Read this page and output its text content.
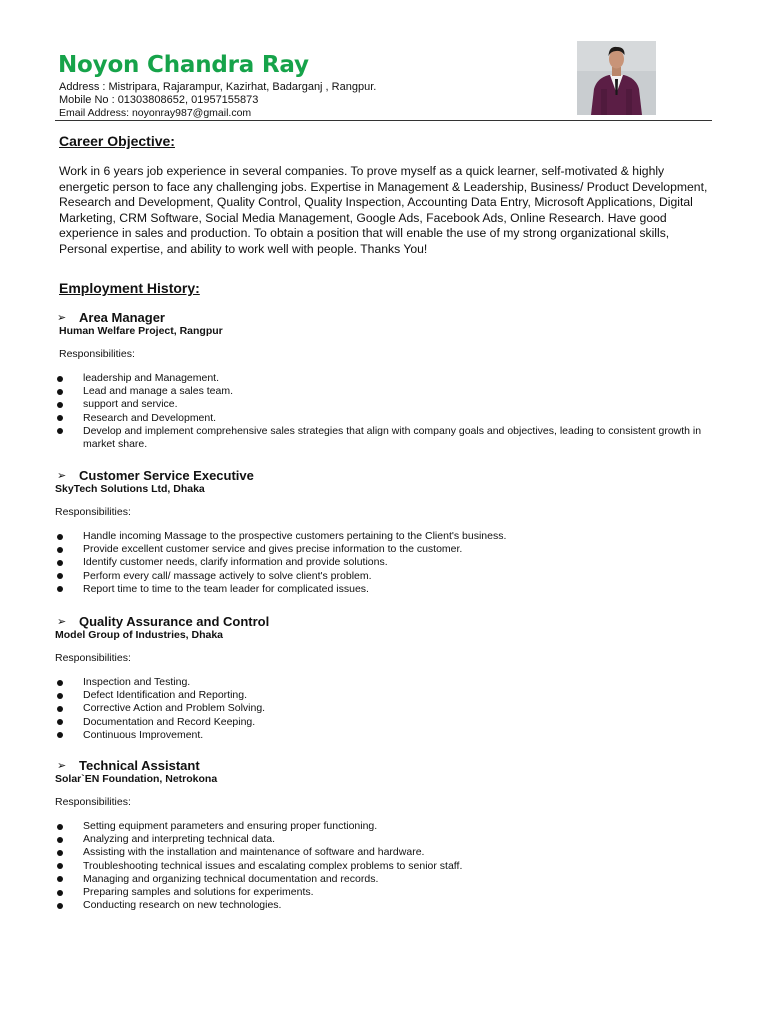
Noyon Chandra Ray
Address : Mistripara, Rajarampur, Kazirhat, Badarganj , Rangpur.
Mobile No : 01303808652, 01957155873
Email Address: noyonray987@gmail.com
Career Objective:

Work in 6 years job experience in several companies. To prove myself as a quick learner, self-motivated & highly energetic person to face any challenging jobs. Expertise in Management & Leadership, Business/ Product Development, Research and Development, Quality Control, Quality Inspection, Accounting Data Entry, Microsoft Applications, Digital Marketing, CRM Software, Social Media Management, Google Ads, Facebook Ads, Online Research. Have good experience in sales and production. To obtain a position that will enable the use of my strong organizational skills, Personal expertise, and ability to work well with people. Thanks You!

Employment History:

➢ Area Manager

Human Welfare Project, Rangpur

Responsibilities:

leadership and Management.
Lead and manage a sales team.
support and service.
Research and Development.
Develop and implement comprehensive sales strategies that align with company goals and objectives, leading to consistent growth in market share.

➢ Customer Service Executive

SkyTech Solutions Ltd, Dhaka

Responsibilities:

Handle incoming Massage to the prospective customers pertaining to the Client's business.
Provide excellent customer service and gives precise information to the customer.
Identify customer needs, clarify information and provide solutions.
Perform every call/ massage actively to solve client's problem.
Report time to time to the team leader for complicated issues.

➢ Quality Assurance and Control

Model Group of Industries, Dhaka

Responsibilities:

Inspection and Testing.
Defect Identification and Reporting.
Corrective Action and Problem Solving.
Documentation and Record Keeping.
Continuous Improvement.

➢ Technical Assistant

Solar`EN Foundation, Netrokona

Responsibilities:

Setting equipment parameters and ensuring proper functioning.
Analyzing and interpreting technical data.
Assisting with the installation and maintenance of software and hardware.
Troubleshooting technical issues and escalating complex problems to senior staff.
Managing and organizing technical documentation and records.
Preparing samples and solutions for experiments.
Conducting research on new technologies.
